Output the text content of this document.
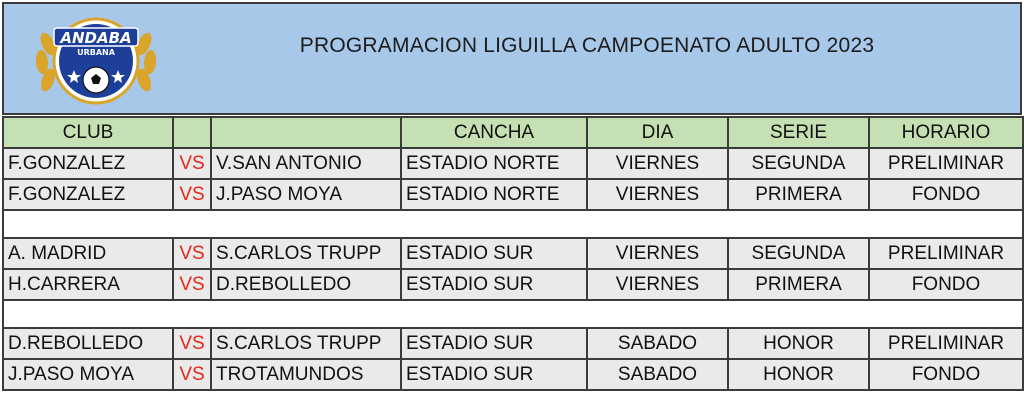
ANDABA
URBANA	PROGRAMACION LIGUILLA CAMPOENATO ADULTO 2023
CLUB			CANCHA	DIA	SERIE	HORARIO
F.GONZALEZ	VS	V.SAN ANTONIO	ESTADIO NORTE	VIERNES	SEGUNDA	PRELIMINAR
F.GONZALEZ	VS	J.PASO MOYA	ESTADIO NORTE	VIERNES	PRIMERA	FONDO

A. MADRID	VS	S.CARLOS TRUPP	ESTADIO SUR	VIERNES	SEGUNDA	PRELIMINAR
H.CARRERA	VS	D.REBOLLEDO	ESTADIO SUR	VIERNES	PRIMERA	FONDO

D.REBOLLEDO	VS	S.CARLOS TRUPP	ESTADIO SUR	SABADO	HONOR	PRELIMINAR
J.PASO MOYA	VS	TROTAMUNDOS	ESTADIO SUR	SABADO	HONOR	FONDO
